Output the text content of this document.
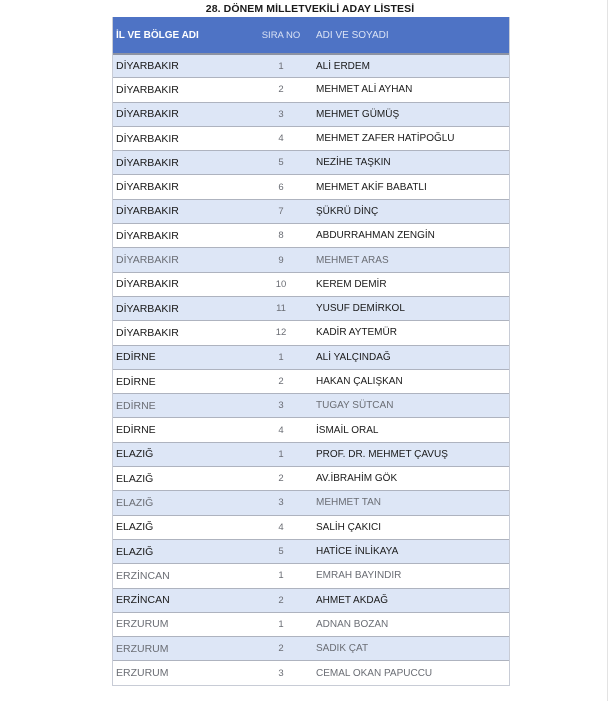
28. DÖNEM MİLLETVEKİLİ ADAY LİSTESİ
İL VE BÖLGE ADI	SIRA NO	ADI VE SOYADI
DİYARBAKIR	1	ALİ ERDEM
DİYARBAKIR	2	MEHMET ALİ AYHAN
DİYARBAKIR	3	MEHMET GÜMÜŞ
DİYARBAKIR	4	MEHMET ZAFER HATİPOĞLU
DİYARBAKIR	5	NEZİHE TAŞKIN
DİYARBAKIR	6	MEHMET AKİF BABATLI
DİYARBAKIR	7	ŞÜKRÜ DİNÇ
DİYARBAKIR	8	ABDURRAHMAN ZENGİN
DİYARBAKIR	9	MEHMET ARAS
DİYARBAKIR	10	KEREM DEMİR
DİYARBAKIR	11	YUSUF DEMİRKOL
DİYARBAKIR	12	KADİR AYTEMÜR
EDİRNE	1	ALİ YALÇINDAĞ
EDİRNE	2	HAKAN ÇALIŞKAN
EDİRNE	3	TUGAY SÜTCAN
EDİRNE	4	İSMAİL ORAL
ELAZIĞ	1	PROF. DR. MEHMET ÇAVUŞ
ELAZIĞ	2	AV.İBRAHİM GÖK
ELAZIĞ	3	MEHMET TAN
ELAZIĞ	4	SALİH ÇAKICI
ELAZIĞ	5	HATİCE İNLİKAYA
ERZİNCAN	1	EMRAH BAYINDIR
ERZİNCAN	2	AHMET AKDAĞ
ERZURUM	1	ADNAN BOZAN
ERZURUM	2	SADIK ÇAT
ERZURUM	3	CEMAL OKAN PAPUCCU
